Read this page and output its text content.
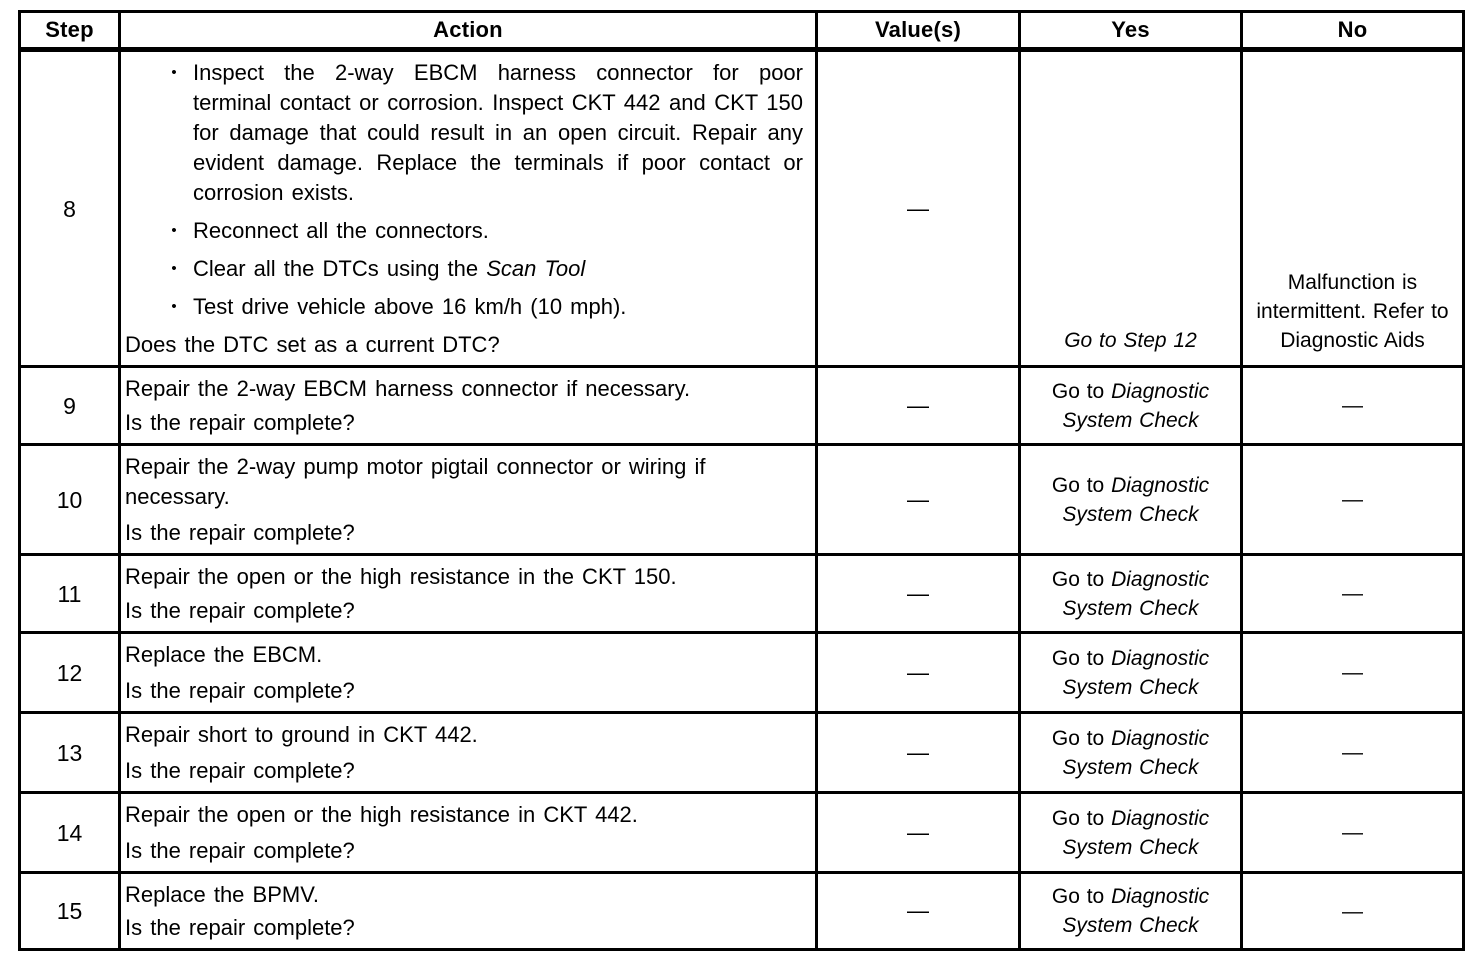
Step	Action	Value(s)	Yes	No
8	
• Inspect the 2-way EBCM harness connector for poor terminal contact or corrosion. Inspect CKT 442 and CKT 150 for damage that could result in an open circuit. Repair any evident damage. Replace the terminals if poor contact or corrosion exists.
• Reconnect all the connectors.
• Clear all the DTCs using the Scan Tool
• Test drive vehicle above 16 km/h (10 mph).
Does the DTC set as a current DTC?
	—	Go to Step 12	Malfunction is intermittent. Refer to Diagnostic Aids
9	Repair the 2-way EBCM harness connector if necessary.
Is the repair complete?	—	Go to Diagnostic System Check	—
10	Repair the 2-way pump motor pigtail connector or wiring if necessary.
Is the repair complete?	—	Go to Diagnostic System Check	—
11	Repair the open or the high resistance in the CKT 150.
Is the repair complete?	—	Go to Diagnostic System Check	—
12	Replace the EBCM.
Is the repair complete?	—	Go to Diagnostic System Check	—
13	Repair short to ground in CKT 442.
Is the repair complete?	—	Go to Diagnostic System Check	—
14	Repair the open or the high resistance in CKT 442.
Is the repair complete?	—	Go to Diagnostic System Check	—
15	Replace the BPMV.
Is the repair complete?	—	Go to Diagnostic System Check	—
